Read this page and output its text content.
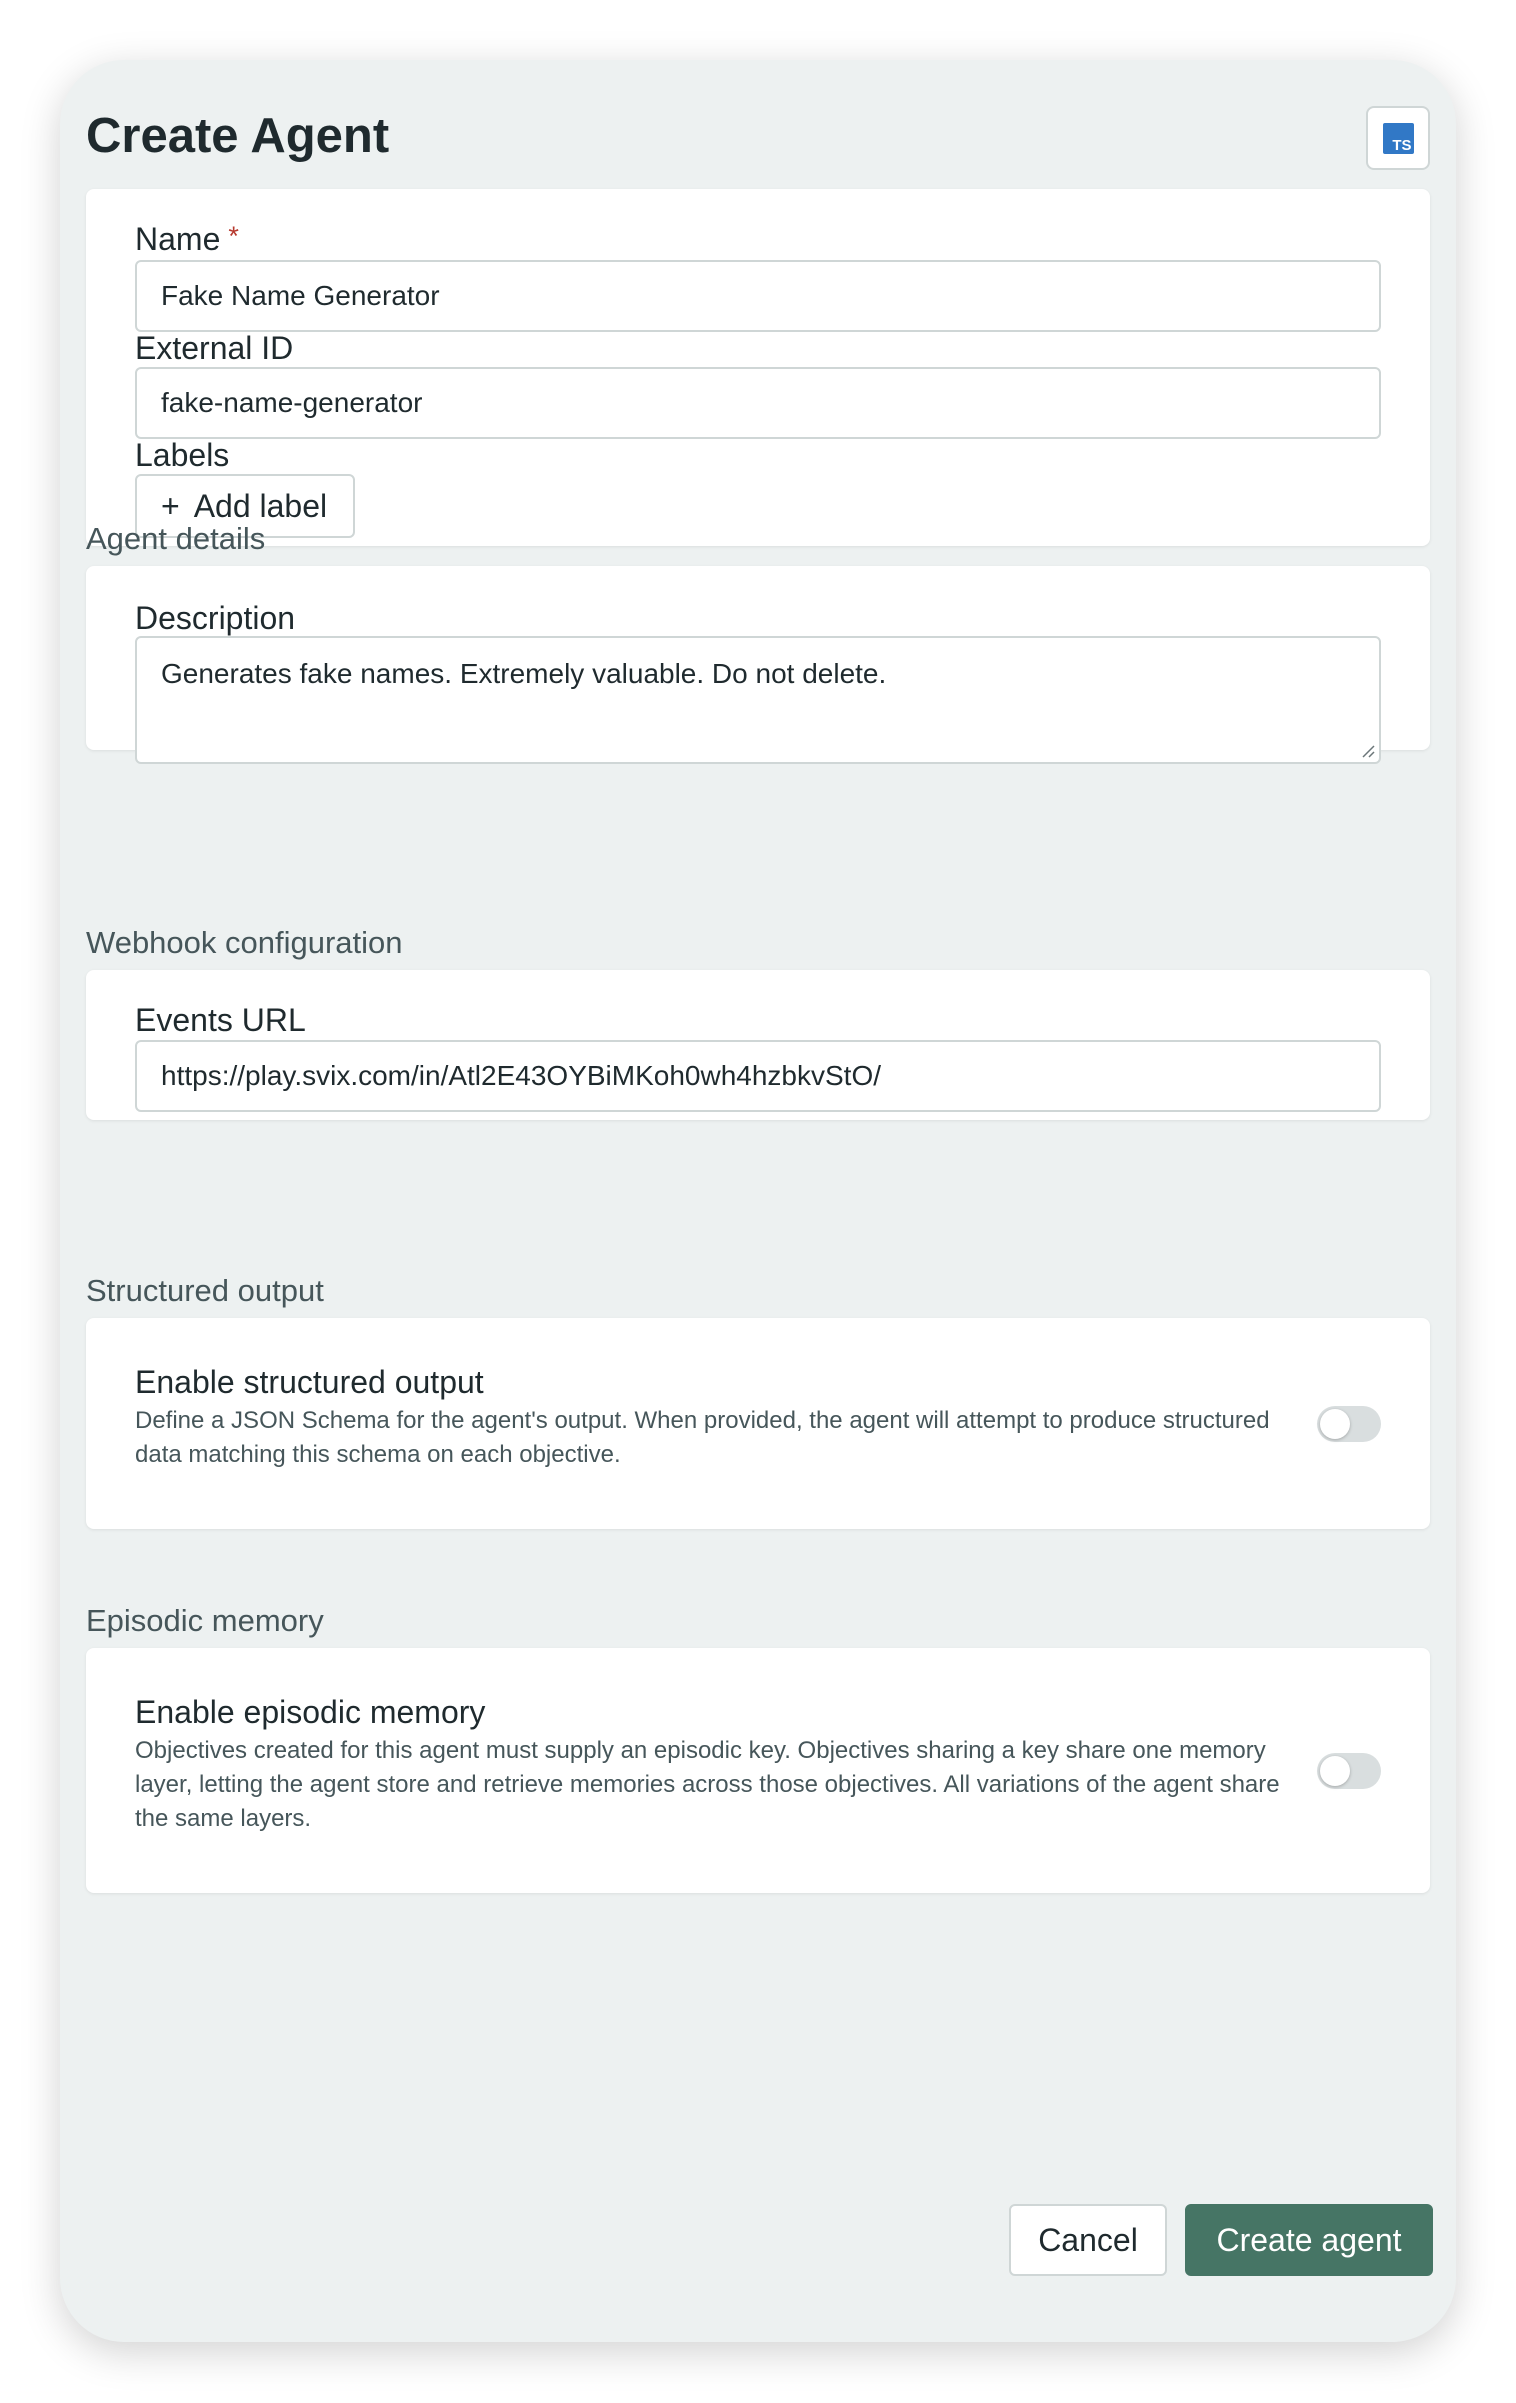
Create Agent	TS
Name *
Fake Name Generator
External ID
fake-name-generator
Labels
+ Add label
Agent details
Description
Generates fake names. Extremely valuable. Do not delete.
Webhook configuration
Events URL
https://play.svix.com/in/Atl2E43OYBiMKoh0wh4hzbkvStO/
Structured output
Enable structured output
Define a JSON Schema for the agent's output. When provided, the agent will attempt to produce structured data matching this schema on each objective.
Episodic memory
Enable episodic memory
Objectives created for this agent must supply an episodic key. Objectives sharing a key share one memory layer, letting the agent store and retrieve memories across those objectives. All variations of the agent share the same layers.
Cancel	Create agent
